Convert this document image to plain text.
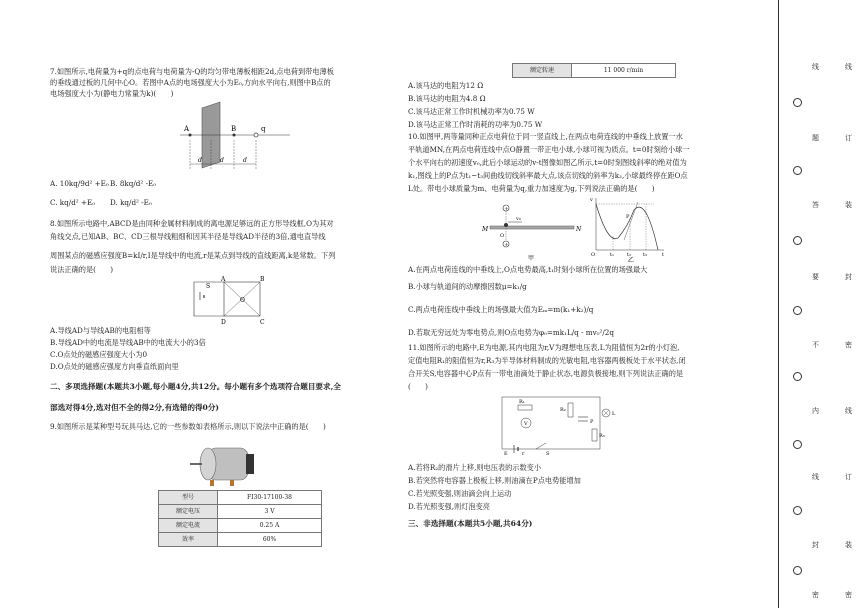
7.如图所示,电荷量为+q的点电荷与电荷量为-Q的均匀带电薄板相距2d,点电荷到带电薄板
的垂线通过板的几何中心O。若图中A点的电场强度大小为E₀,方向水平向右,则图中B点的
电场强度大小为(静电力常量为k)(　　)
A	B	q
d	d	d
A. 10kq/9d² +E₀ B. 8kq/d² -E₀
C. kq/d² +E₀ D. kq/d² -E₀
8.如图所示电路中,ABCD是由同种金属材料制成的离电源足够远的正方形导线框,O为其对
角线交点,已知AB、BC、CD三根导线粗细和因其半径是导线AD半径的3倍,通电直导线
周围某点的磁感应强度B=kI/r,I是导线中的电流,r是某点到导线的直线距离,k是常数。下列
说法正确的是(　　)
A	B
C
D
O
S
A.导线AD与导线AB的电阻相等
B.导线AD中的电流是导线AB中的电流大小的3倍
C.O点处的磁感应强度大小为0
D.O点处的磁感应强度方向垂直纸面向里
二、多项选择题(本题共3小题,每小题4分,共12分。每小题有多个选项符合题目要求,全
部选对得4分,选对但不全的得2分,有选错的得0分)
9.如图所示是某种型号玩具马达,它的一些参数如表格所示,则以下说法中正确的是(　　)
型号	FI30-17100-38
额定电压	3 V
额定电流	0.25 A
效率	60%
额定转速	11 000 r/min
A.该马达的电阻为12 Ω
B.该马达的电阻为4.8 Ω
C.该马达正常工作时机械功率为0.75 W
D.该马达正常工作时消耗的功率为0.75 W
10.如图甲,两等量同种正点电荷位于同一竖直线上,在两点电荷连线的中垂线上放置一水
平轨道MN,在两点电荷连线中点O静置一带正电小球,小球可视为质点。t=0时刻给小球一
个水平向右的初速度v₀,此后小球运动的v-t图像如图乙所示,t=0时刻图线斜率的绝对值为
k₁,图线上的P点为t₁~t₃间曲线切线斜率最大点,该点切线的斜率为k₂,小球最终停在距O点
L处。带电小球质量为m、电荷量为q,重力加速度为g,下列说法正确的是(　　)
+
+
M	N
O
v₀
甲
v
P
O	t₁	t₂ t₃	t
乙
A.在两点电荷连线的中垂线上,O点电势最高,t₁时刻小球所在位置的场强最大
B.小球与轨道间的动摩擦因数μ=k₁/g
C.两点电荷连线中垂线上的场强最大值为Eₘ=m(k₁+k₂)/q
D.若取无穷远处为零电势点,则O点电势为φ₀=mk₁L/q - mv₀²/2q
11.如图所示的电路中,E为电源,其内电阻为r,V为理想电压表,L为阻值恒为2r的小灯泡,
定值电阻R₁的阻值恒为r,R₃为半导体材料制成的光敏电阻,电容器两极板处于水平状态,闭
合开关S,电容器中心P点有一带电油滴处于静止状态,电源负极接地,则下列说法正确的是
(　　)
R₁
V
R₂
P
L
R₃
E	r	S
A.若将R₂的滑片上移,则电压表的示数变小
B.若突然将电容器上极板上移,则油滴在P点电势能增加
C.若光照变强,则油滴会向上运动
D.若光照变强,则灯泡变亮
三、非选择题(本题共5小题,共64分)
线
题
答
要
不
内
线
封
密
线
订
装
封
密
线
订
装
密
